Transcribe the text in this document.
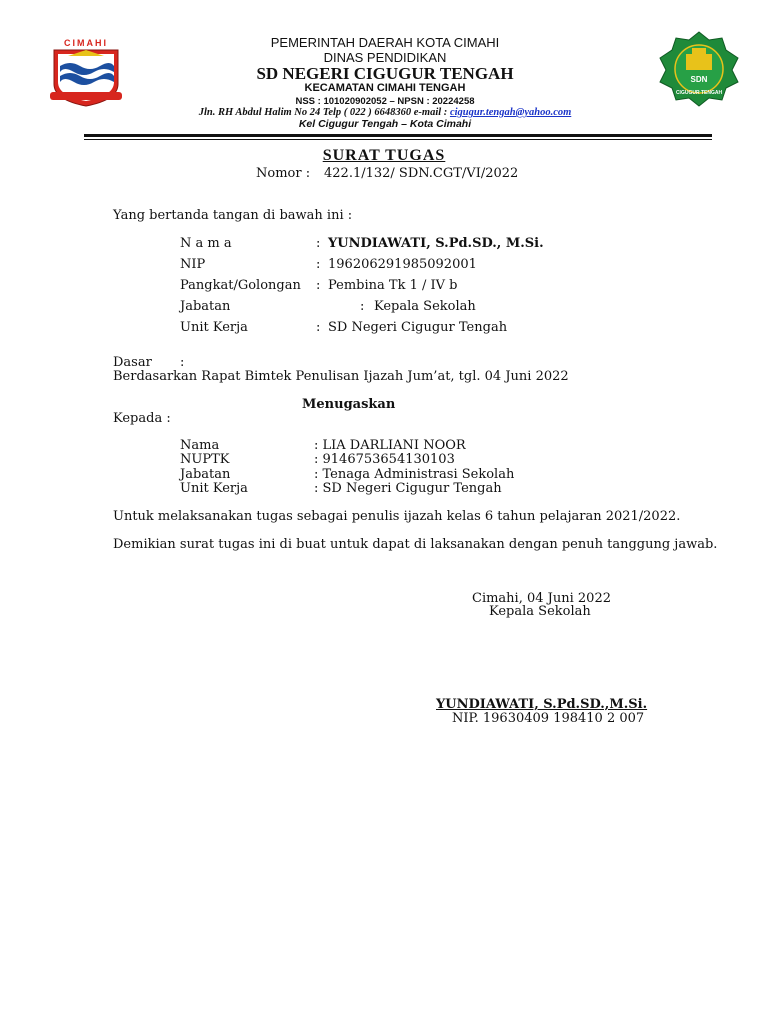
CIMAHI	PEMERINTAH DAERAH KOTA CIMAHI
DINAS PENDIDIKAN
SD NEGERI CIGUGUR TENGAH
KECAMATAN CIMAHI TENGAH
NSS : 101020902052 – NPSN : 20224258
Jln. RH Abdul Halim No 24 Telp ( 022 ) 6648360 e-mail : cigugur.tengah@yahoo.com
Kel Cigugur Tengah – Kota Cimahi
SDN
CIGUGUR TENGAH
SURAT TUGAS
Nomor : 422.1/132/ SDN.CGT/VI/2022
Yang bertanda tangan di bawah ini :
N a m a	: YUNDIAWATI, S.Pd.SD., M.Si.
NIP	: 196206291985092001
Pangkat/Golongan : Pembina Tk 1 / IV b
Jabatan	: Kepala Sekolah
Unit Kerja	: SD Negeri Cigugur Tengah
Dasar :
Berdasarkan Rapat Bimtek Penulisan Ijazah Jum’at, tgl. 04 Juni 2022
Menugaskan
Kepada :
Nama	: LIA DARLIANI NOOR
NUPTK	: 9146753654130103
Jabatan	: Tenaga Administrasi Sekolah
Unit Kerja	: SD Negeri Cigugur Tengah
Untuk melaksanakan tugas sebagai penulis ijazah kelas 6 tahun pelajaran 2021/2022.
Demikian surat tugas ini di buat untuk dapat di laksanakan dengan penuh tanggung jawab.
Cimahi, 04 Juni 2022
Kepala Sekolah
YUNDIAWATI, S.Pd.SD.,M.Si.
NIP. 19630409 198410 2 007
